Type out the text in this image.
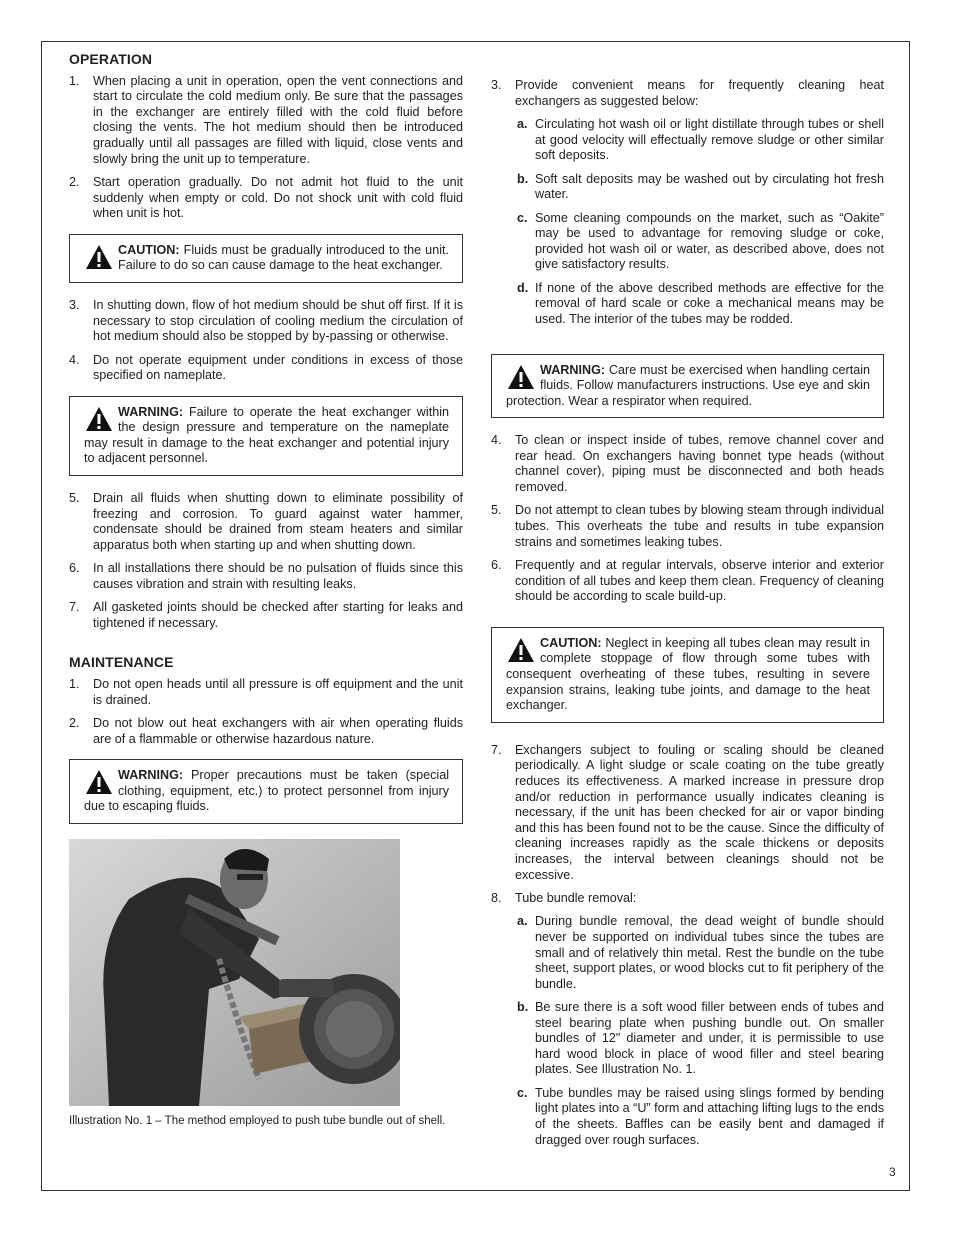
OPERATION
1. When placing a unit in operation, open the vent connections and start to circulate the cold medium only. Be sure that the passages in the exchanger are entirely filled with the cold fluid before closing the vents. The hot medium should then be introduced gradually until all passages are filled with liquid, close vents and slowly bring the unit up to temperature.
2. Start operation gradually. Do not admit hot fluid to the unit suddenly when empty or cold. Do not shock unit with cold fluid when unit is hot.
CAUTION: Fluids must be gradually introduced to the unit. Failure to do so can cause damage to the heat exchanger.
3. In shutting down, flow of hot medium should be shut off first. If it is necessary to stop circulation of cooling medium the circulation of hot medium should also be stopped by by-passing or otherwise.
4. Do not operate equipment under conditions in excess of those specified on nameplate.
WARNING: Failure to operate the heat exchanger within the design pressure and temperature on the nameplate may result in damage to the heat exchanger and potential injury to adjacent personnel.
5. Drain all fluids when shutting down to eliminate possibility of freezing and corrosion. To guard against water hammer, condensate should be drained from steam heaters and similar apparatus both when starting up and when shutting down.
6. In all installations there should be no pulsation of fluids since this causes vibration and strain with resulting leaks.
7. All gasketed joints should be checked after starting for leaks and tightened if necessary.
MAINTENANCE
1. Do not open heads until all pressure is off equipment and the unit is drained.
2. Do not blow out heat exchangers with air when operating fluids are of a flammable or otherwise hazardous nature.
WARNING: Proper precautions must be taken (special clothing, equipment, etc.) to protect personnel from injury due to escaping fluids.
Illustration No. 1 – The method employed to push tube bundle out of shell.
3. Provide convenient means for frequently cleaning heat exchangers as suggested below:
a. Circulating hot wash oil or light distillate through tubes or shell at good velocity will effectually remove sludge or other similar soft deposits.
b. Soft salt deposits may be washed out by circulating hot fresh water.
c. Some cleaning compounds on the market, such as “Oakite” may be used to advantage for removing sludge or coke, provided hot wash oil or water, as described above, does not give satisfactory results.
d. If none of the above described methods are effective for the removal of hard scale or coke a mechanical means may be used. The interior of the tubes may be rodded.
WARNING: Care must be exercised when handling certain fluids. Follow manufacturers instructions. Use eye and skin protection. Wear a respirator when required.
4. To clean or inspect inside of tubes, remove channel cover and rear head. On exchangers having bonnet type heads (without channel cover), piping must be disconnected and both heads removed.
5. Do not attempt to clean tubes by blowing steam through individual tubes. This overheats the tube and results in tube expansion strains and sometimes leaking tubes.
6. Frequently and at regular intervals, observe interior and exterior condition of all tubes and keep them clean. Frequency of cleaning should be according to scale build-up.
CAUTION: Neglect in keeping all tubes clean may result in complete stoppage of flow through some tubes with consequent overheating of these tubes, resulting in severe expansion strains, leaking tube joints, and damage to the heat exchanger.
7. Exchangers subject to fouling or scaling should be cleaned periodically. A light sludge or scale coating on the tube greatly reduces its effectiveness. A marked increase in pressure drop and/or reduction in performance usually indicates cleaning is necessary, if the unit has been checked for air or vapor binding and this has been found not to be the cause. Since the difficulty of cleaning increases rapidly as the scale thickens or deposits increases, the interval between cleanings should not be excessive.
8. Tube bundle removal:
a. During bundle removal, the dead weight of bundle should never be supported on individual tubes since the tubes are small and of relatively thin metal. Rest the bundle on the tube sheet, support plates, or wood blocks cut to fit periphery of the bundle.
b. Be sure there is a soft wood filler between ends of tubes and steel bearing plate when pushing bundle out. On smaller bundles of 12" diameter and under, it is permissible to use hard wood block in place of wood filler and steel bearing plates. See Illustration No. 1.
c. Tube bundles may be raised using slings formed by bending light plates into a “U” form and attaching lifting lugs to the ends of the sheets. Baffles can be easily bent and damaged if dragged over rough surfaces.
3
